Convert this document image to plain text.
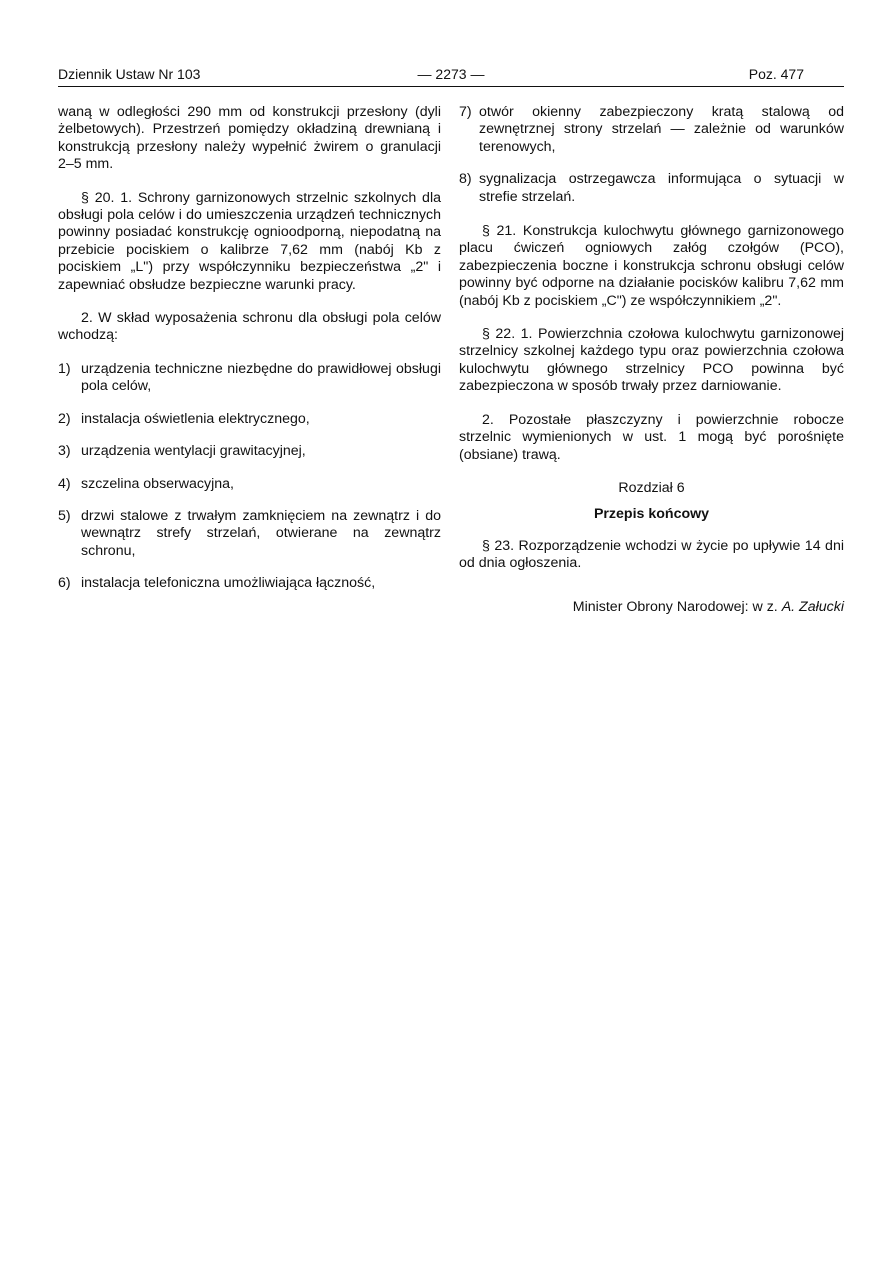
Dziennik Ustaw Nr 103	— 2273 —	Poz. 477

waną w odległości 290 mm od konstrukcji przesłony (dyli żelbetowych). Przestrzeń pomiędzy okładziną drewnianą i konstrukcją przesłony należy wypełnić żwirem o granulacji 2–5 mm.

§ 20. 1. Schrony garnizonowych strzelnic szkolnych dla obsługi pola celów i do umieszczenia urządzeń technicznych powinny posiadać konstrukcję ognioodporną, niepodatną na przebicie pociskiem o kalibrze 7,62 mm (nabój Kb z pociskiem „L") przy współczynniku bezpieczeństwa „2" i zapewniać obsłudze bezpieczne warunki pracy.

2. W skład wyposażenia schronu dla obsługi pola celów wchodzą:

1) urządzenia techniczne niezbędne do prawidłowej obsługi pola celów,
2) instalacja oświetlenia elektrycznego,
3) urządzenia wentylacji grawitacyjnej,
4) szczelina obserwacyjna,
5) drzwi stalowe z trwałym zamknięciem na zewnątrz i do wewnątrz strefy strzelań, otwierane na zewnątrz schronu,
6) instalacja telefoniczna umożliwiająca łączność,
7) otwór okienny zabezpieczony kratą stalową od zewnętrznej strony strzelań — zależnie od warunków terenowych,
8) sygnalizacja ostrzegawcza informująca o sytuacji w strefie strzelań.

§ 21. Konstrukcja kulochwytu głównego garnizonowego placu ćwiczeń ogniowych załóg czołgów (PCO), zabezpieczenia boczne i konstrukcja schronu obsługi celów powinny być odporne na działanie pocisków kalibru 7,62 mm (nabój Kb z pociskiem „C") ze współczynnikiem „2".

§ 22. 1. Powierzchnia czołowa kulochwytu garnizonowej strzelnicy szkolnej każdego typu oraz powierzchnia czołowa kulochwytu głównego strzelnicy PCO powinna być zabezpieczona w sposób trwały przez darniowanie.

2. Pozostałe płaszczyzny i powierzchnie robocze strzelnic wymienionych w ust. 1 mogą być porośnięte (obsiane) trawą.

Rozdział 6
Przepis końcowy

§ 23. Rozporządzenie wchodzi w życie po upływie 14 dni od dnia ogłoszenia.

Minister Obrony Narodowej: w z. A. Załucki
